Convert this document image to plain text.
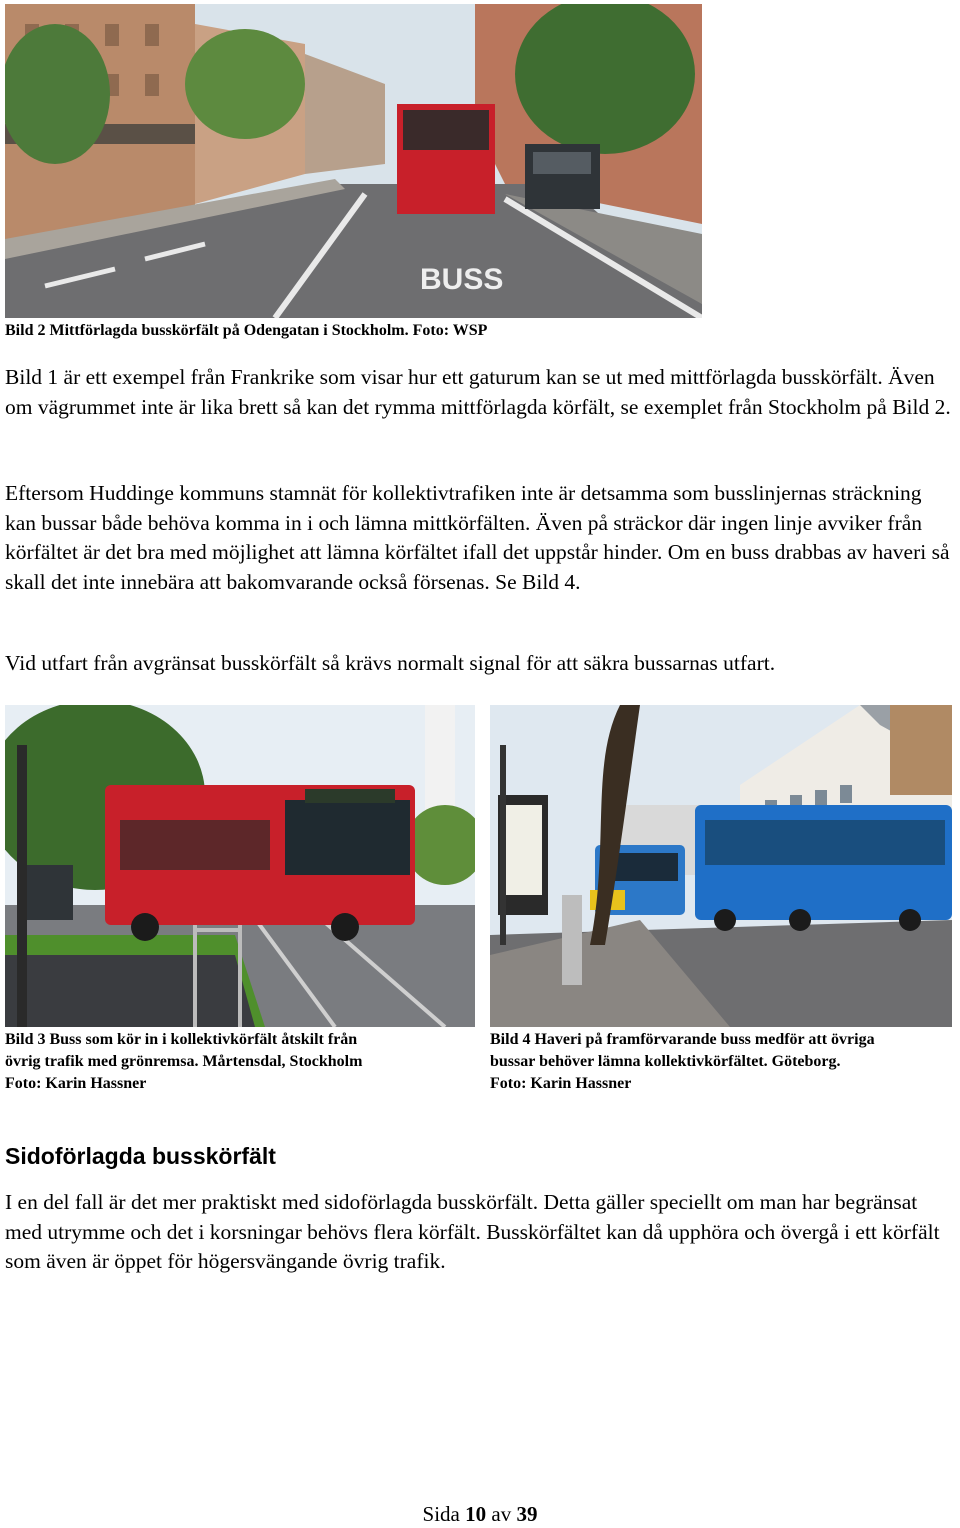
BUSS
Bild 2 Mittförlagda busskörfält på Odengatan i Stockholm. Foto: WSP

Bild 1 är ett exempel från Frankrike som visar hur ett gaturum kan se ut med mittförlagda busskörfält. Även om vägrummet inte är lika brett så kan det rymma mittförlagda körfält, se exemplet från Stockholm på Bild 2.

Eftersom Huddinge kommuns stamnät för kollektivtrafiken inte är detsamma som busslinjernas sträckning kan bussar både behöva komma in i och lämna mittkörfälten. Även på sträckor där ingen linje avviker från körfältet är det bra med möjlighet att lämna körfältet ifall det uppstår hinder. Om en buss drabbas av haveri så skall det inte innebära att bakomvarande också försenas. Se Bild 4.

Vid utfart från avgränsat busskörfält så krävs normalt signal för att säkra bussarnas utfart.

Bild 3 Buss som kör in i kollektivkörfält åtskilt från
övrig trafik med grönremsa. Mårtensdal, Stockholm
Foto: Karin Hassner
Bild 4 Haveri på framförvarande buss medför att övriga
bussar behöver lämna kollektivkörfältet. Göteborg.
Foto: Karin Hassner
Sidoförlagda busskörfält

I en del fall är det mer praktiskt med sidoförlagda busskörfält. Detta gäller speciellt om man har begränsat med utrymme och det i korsningar behövs flera körfält. Busskörfältet kan då upphöra och övergå i ett körfält som även är öppet för högersvängande övrig trafik.

Sida 10 av 39
